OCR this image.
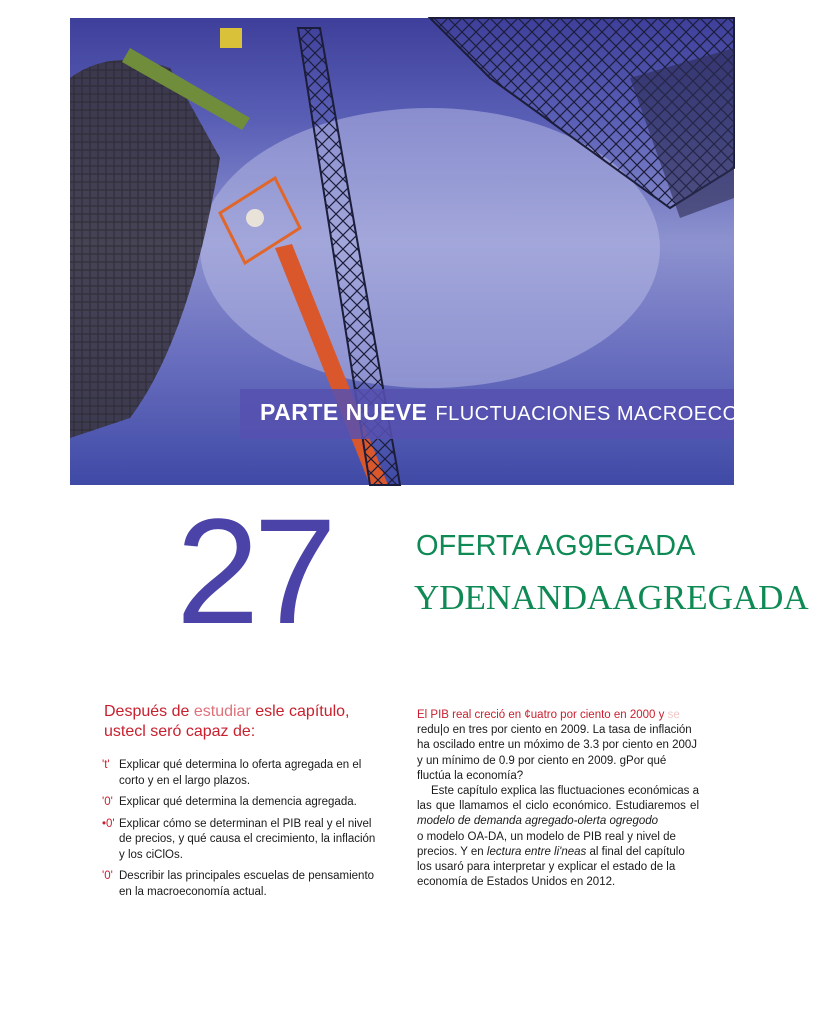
PARTE NUEVE FLUCTUACIONES MACROECONÓMICAS
27	OFERTA AG9EGADA
YDENANDAAGREGADA
Después de estudiar esle capítulo,
ustecl seró capaz de:
't' Explicar qué determina lo oferta agregada en el corto y en el largo plazos.
'0' Explicar qué determina la demencia agregada.
•0' Explicar cómo se determinan el PIB real y el nivel de precios, y qué causa el crecimiento, la inflación y los ciClOs.
'0' Describir las principales escuelas de pensamiento en la macroeconomía actual.

El PIB real creció en ¢uatro por ciento en 2000 y se

redu|o en tres por ciento en 2009. La tasa de inflación ha oscilado entre un móximo de 3.3 por ciento en 200J y un mínimo de 0.9 por ciento en 2009. gPor qué fluctúa la economía?

Este capítulo explica las fluctuaciones económicas a las que llamamos el ciclo económico. Estudiaremos el modelo de demanda agregado-olerta ogregodo

o modelo OA-DA, un modelo de PIB real y nivel de precios. Y en lectura entre li'neas al final del capítulo los usaró para interpretar y explicar el estado de la economía de Estados Unidos en 2012.
